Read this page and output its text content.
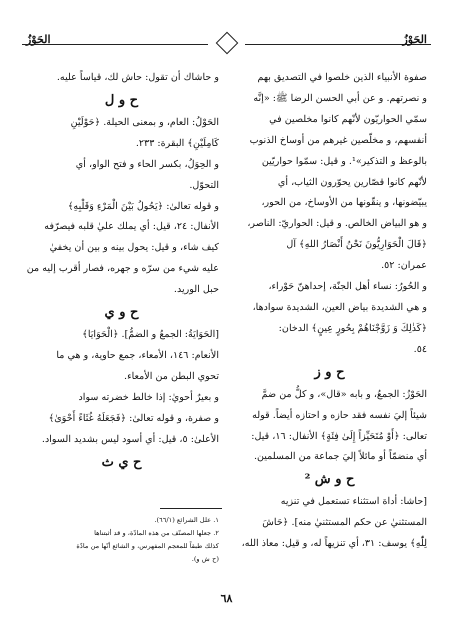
الحَوْزُ	الحَوْزُ

صفوة الأنبياء الذين خلصوا في التصديق بهم

و نصرتهم. و عن أبي الحسن الرضا ﷺ: «إنَّه

سمّي الحواريّون لأنّهم كانوا مخلصين في

أنفسهم، و مخلّصين غيرهم من أوساخ الذنوب

بالوعظ و التذكير»¹. و قيل: سمّوا حواريّين

لأنّهم كانوا قصّارين يحوّرون الثياب، أي

يبيّضونها، و ينقّونها من الأوساخ، من الحور،

و هو البياض الخالص. و قيل: الحواريّ: الناصر،

﴿قَالَ الْحَوَارِيُّونَ نَحْنُ أَنْصَارُ اللهِ﴾ آل

عمران: ٥٢.

و الحُورُ: نساء أهل الجنّة، إحداهنّ حَوْراء،

و هي الشديدة بياض العين، الشديدة سوادها،

﴿كَذٰلِكَ وَ زَوَّجْنَاهُمْ بِحُورٍ عِينٍ﴾ الدخان:

٥٤.

ح و ز

الحَوْزُ: الجمعُ، و بابه «قال»، و كلُّ من ضمَّ

شيئاً إليَ نفسه فقد حازه و احتازه أيضاً. قوله

تعالى: ﴿أَوْ مُتَحَيِّزاً إِلَىٰ فِئَةٍ﴾ الأنفال: ١٦، قيل:

أي منضمّاً أو مائلاً إليَ جماعة من المسلمين.

ح و ش ²

[حاشا: أداة استثناء تستعمل في تنزيه

المستثنيٰ عن حكم المستثنيٰ منه]. ﴿حَاشَ

لِلّٰهِ﴾ يوسف: ٣١، أي تنزيهاً له، و قيل: معاذ الله،

و حاشاك أن تقول: حاش لك، قياساً عليه.

ح و ل

الحَوْلُ: العام، و بمعنى الحيلة. ﴿حَوْلَيْنِ

كَامِلَيْنِ﴾ البقرة: ٢٣٣.

و الحِوَلُ، بكسر الحاء و فتح الواو، أي

التحوّل.

و قوله تعالىٰ: ﴿يَحُولُ بَيْنَ الْمَرْءِ وَقَلْبِهِ﴾

الأنفال: ٢٤، قيل: أي يملك عليٰ قلبه فيصرّفه

كيف شاء، و قيل: يحول بينه و بين أن يخفيٰ

عليه شيء من سرّه و جهره، فصار أقرب إليه من

حبل الوريد.

ح و ي

[الحَوَايَةُ: الجمعُ و الضمُّ]. ﴿الْحَوَايَا﴾

الأنعام: ١٤٦، الأمعاء، جمع حاوية، و هي ما

تحوي البطن من الأمعاء.

و بعيرٌ أحويٰ: إذا خالط خضرته سواد

و صفرة، و قوله تعالىٰ: ﴿فَجَعَلَهُ غُثَاءً أَحْوَىٰ﴾

الأعلىٰ: ٥، قيل: أي أسود ليس بشديد السواد.

ح ي ث

١. علل الشرائع (٦٦/١).

٢. جعلها المصنّف من هذه المادّة، و قد أثبتناها

كذلك طبقاً للمعجم المفهرس، و الشائع أنّها من مادّة

(ح ش و).

٦٨
